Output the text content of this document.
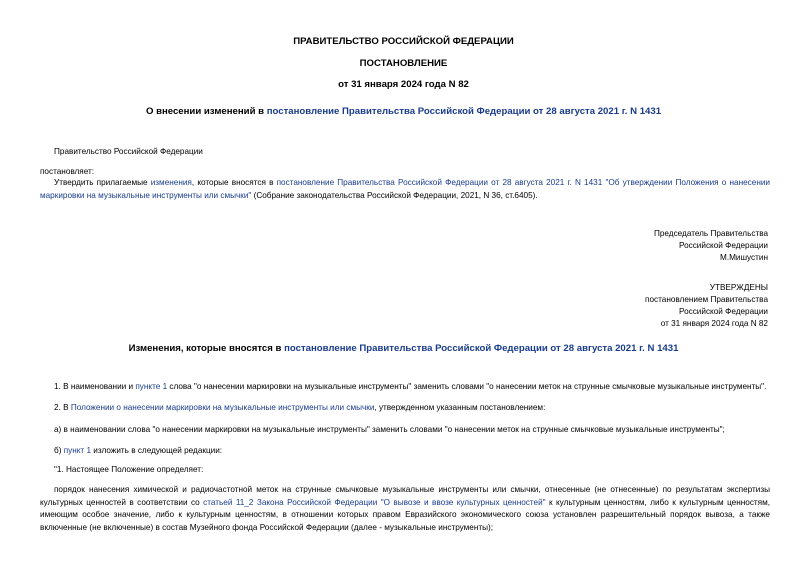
ПРАВИТЕЛЬСТВО РОССИЙСКОЙ ФЕДЕРАЦИИ
ПОСТАНОВЛЕНИЕ
от 31 января 2024 года N 82
О внесении изменений в постановление Правительства Российской Федерации от 28 августа 2021 г. N 1431
Правительство Российской Федерации
постановляет:
Утвердить прилагаемые изменения, которые вносятся в постановление Правительства Российской Федерации от 28 августа 2021 г. N 1431 "Об утверждении Положения о нанесении маркировки на музыкальные инструменты или смычки" (Собрание законодательства Российской Федерации, 2021, N 36, ст.6405).
Председатель Правительства
Российской Федерации
М.Мишустин
УТВЕРЖДЕНЫ
постановлением Правительства
Российской Федерации
от 31 января 2024 года N 82
Изменения, которые вносятся в постановление Правительства Российской Федерации от 28 августа 2021 г. N 1431
1. В наименовании и пункте 1 слова "о нанесении маркировки на музыкальные инструменты" заменить словами "о нанесении меток на струнные смычковые музыкальные инструменты".
2. В Положении о нанесении маркировки на музыкальные инструменты или смычки, утвержденном указанным постановлением:
а) в наименовании слова "о нанесении маркировки на музыкальные инструменты" заменить словами "о нанесении меток на струнные смычковые музыкальные инструменты";
б) пункт 1 изложить в следующей редакции:
"1. Настоящее Положение определяет:
порядок нанесения химической и радиочастотной меток на струнные смычковые музыкальные инструменты или смычки, отнесенные (не отнесенные) по результатам экспертизы культурных ценностей в соответствии со статьей 11_2 Закона Российской Федерации "О вывозе и ввозе культурных ценностей" к культурным ценностям, либо к культурным ценностям, имеющим особое значение, либо к культурным ценностям, в отношении которых правом Евразийского экономического союза установлен разрешительный порядок вывоза, а также включенные (не включенные) в состав Музейного фонда Российской Федерации (далее - музыкальные инструменты);
